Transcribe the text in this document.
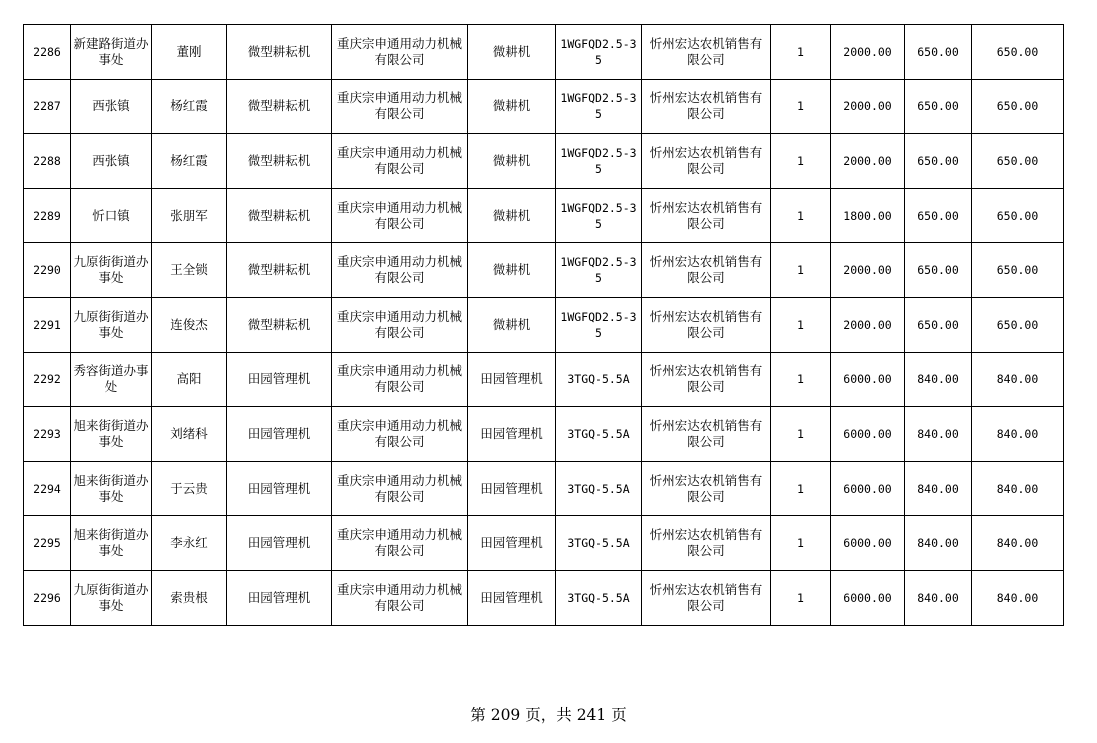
2286	新建路街道办事处	董刚	微型耕耘机	重庆宗申通用动力机械有限公司	微耕机	1WGFQD2.5-35	忻州宏达农机销售有限公司	1	2000.00	650.00	650.00
2287	西张镇	杨红霞	微型耕耘机	重庆宗申通用动力机械有限公司	微耕机	1WGFQD2.5-35	忻州宏达农机销售有限公司	1	2000.00	650.00	650.00
2288	西张镇	杨红霞	微型耕耘机	重庆宗申通用动力机械有限公司	微耕机	1WGFQD2.5-35	忻州宏达农机销售有限公司	1	2000.00	650.00	650.00
2289	忻口镇	张朋军	微型耕耘机	重庆宗申通用动力机械有限公司	微耕机	1WGFQD2.5-35	忻州宏达农机销售有限公司	1	1800.00	650.00	650.00
2290	九原街街道办事处	王全锁	微型耕耘机	重庆宗申通用动力机械有限公司	微耕机	1WGFQD2.5-35	忻州宏达农机销售有限公司	1	2000.00	650.00	650.00
2291	九原街街道办事处	连俊杰	微型耕耘机	重庆宗申通用动力机械有限公司	微耕机	1WGFQD2.5-35	忻州宏达农机销售有限公司	1	2000.00	650.00	650.00
2292	秀容街道办事处	高阳	田园管理机	重庆宗申通用动力机械有限公司	田园管理机	3TGQ-5.5A	忻州宏达农机销售有限公司	1	6000.00	840.00	840.00
2293	旭来街街道办事处	刘绪科	田园管理机	重庆宗申通用动力机械有限公司	田园管理机	3TGQ-5.5A	忻州宏达农机销售有限公司	1	6000.00	840.00	840.00
2294	旭来街街道办事处	于云贵	田园管理机	重庆宗申通用动力机械有限公司	田园管理机	3TGQ-5.5A	忻州宏达农机销售有限公司	1	6000.00	840.00	840.00
2295	旭来街街道办事处	李永红	田园管理机	重庆宗申通用动力机械有限公司	田园管理机	3TGQ-5.5A	忻州宏达农机销售有限公司	1	6000.00	840.00	840.00
2296	九原街街道办事处	索贵根	田园管理机	重庆宗申通用动力机械有限公司	田园管理机	3TGQ-5.5A	忻州宏达农机销售有限公司	1	6000.00	840.00	840.00
第 209 页，共 241 页
